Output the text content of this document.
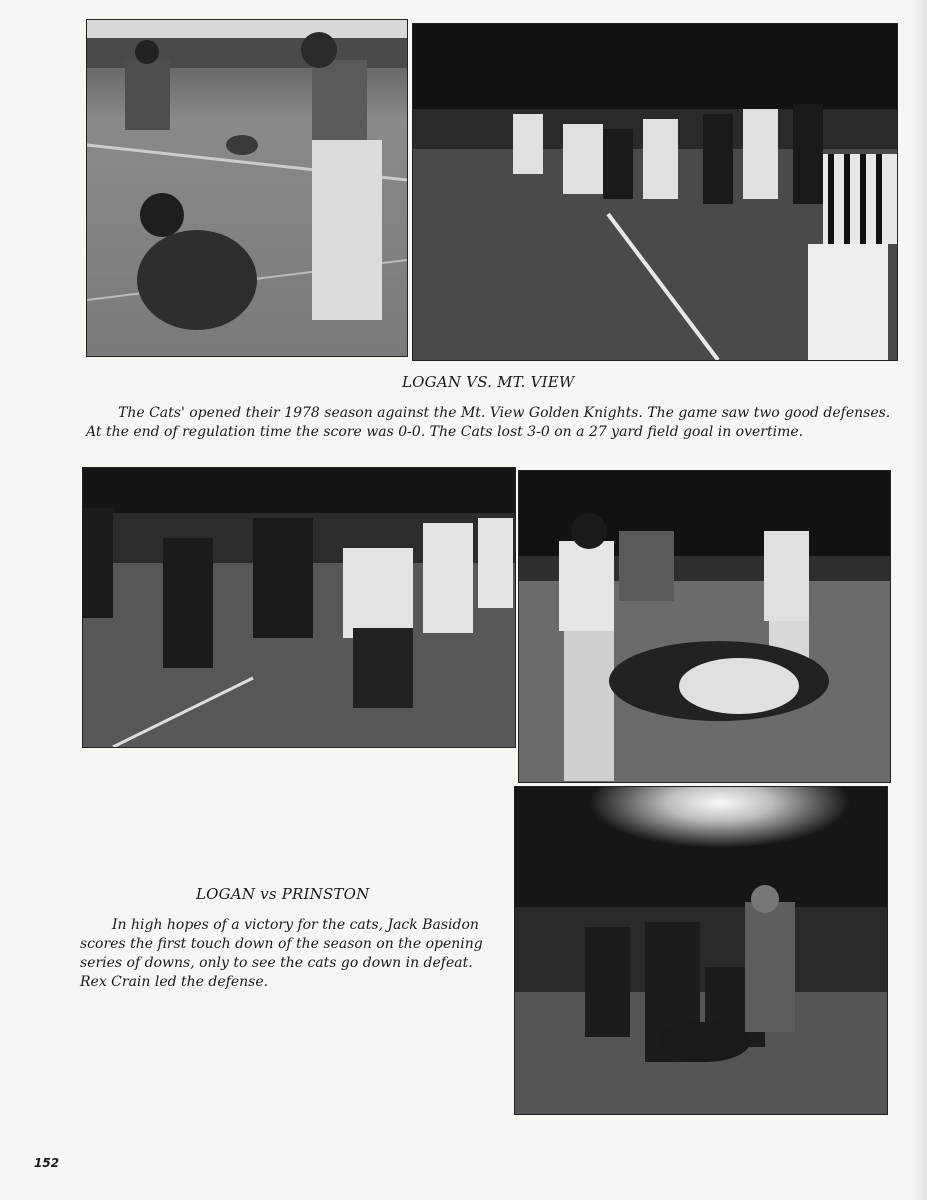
LOGAN VS. MT. VIEW

The Cats' opened their 1978 season against the Mt. View Golden Knights. The game saw two good defenses. At the end of regulation time the score was 0-0. The Cats lost 3-0 on a 27 yard field goal in overtime.

LOGAN vs PRINSTON

In high hopes of a victory for the cats, Jack Basidon scores the first touch down of the season on the opening series of downs, only to see the cats go down in defeat. Rex Crain led the defense.

152
